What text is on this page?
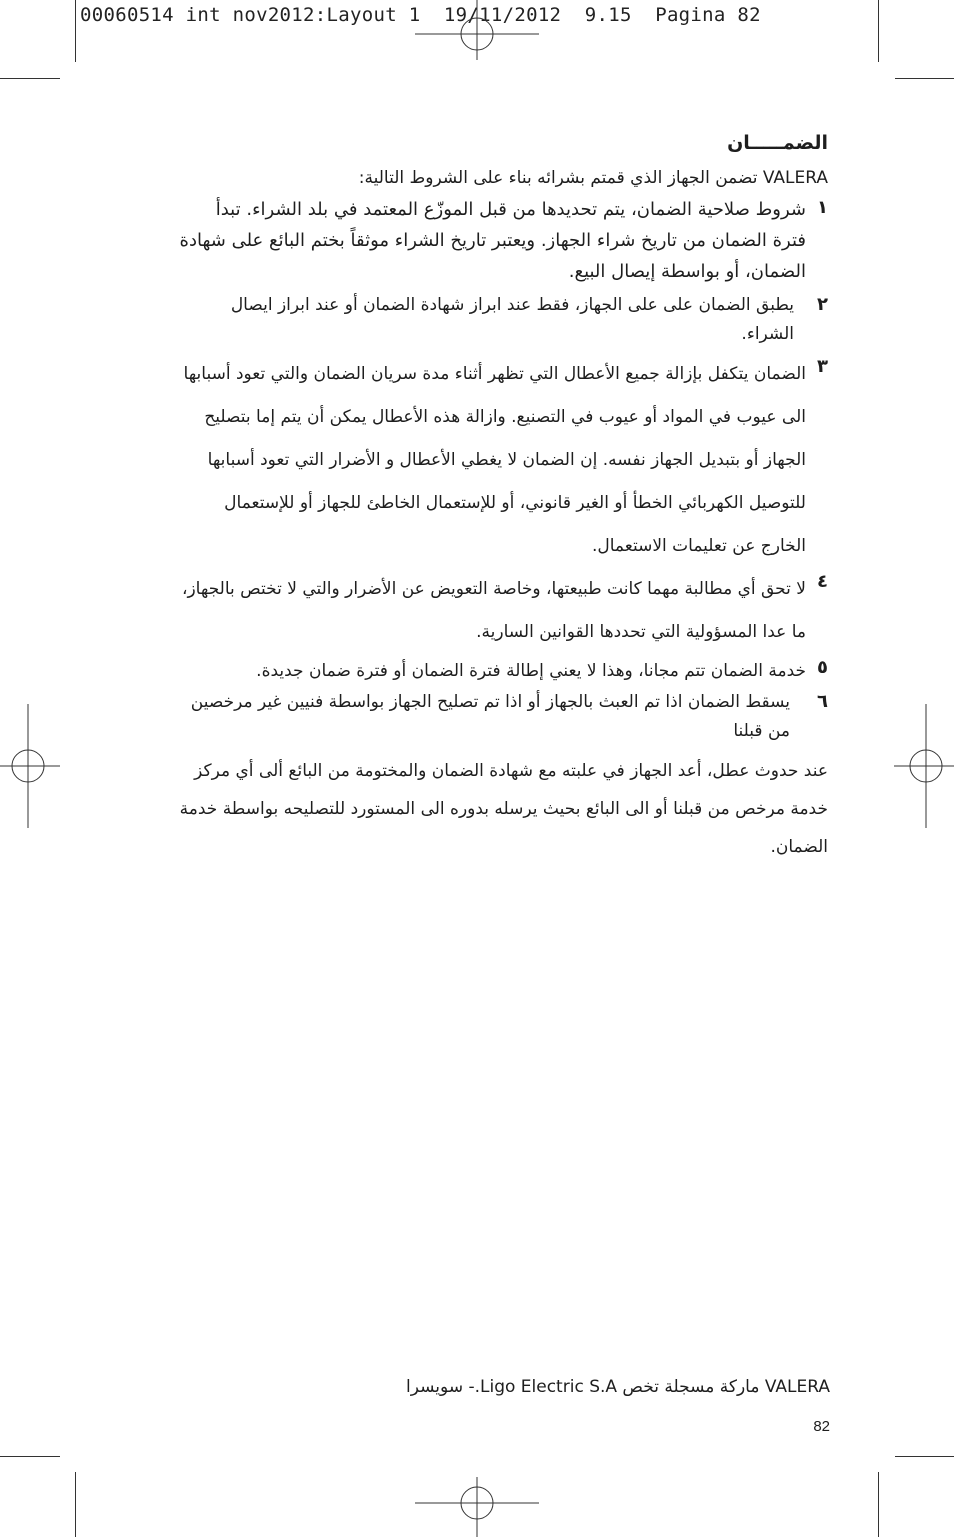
00060514 int nov2012:Layout 1  19/11/2012  9.15  Pagina 82
الضمـــــان
VALERA تضمن الجهاز الذي قمتم بشرائه بناء على الشروط التالية:
١
شروط صلاحية الضمان، يتم تحديدها من قبل الموزّع المعتمد في بلد الشراء. تبدأ فترة الضمان من تاريخ شراء الجهاز. ويعتبر تاريخ الشراء موثقاً بختم البائع على شهادة الضمان، أو بواسطة إيصال البيع.
٢
يطبق الضمان على على الجهاز، فقط عند ابراز شهادة الضمان أو عند ابراز ايصال الشراء.
٣
الضمان يتكفل بإزالة جميع الأعطال التي تظهر أثناء مدة سريان الضمان والتي تعود أسبابها الى عيوب في المواد أو عيوب في التصنيع. وازالة هذه الأعطال يمكن أن يتم إما بتصليح الجهاز أو بتبديل الجهاز نفسه. إن الضمان لا يغطي الأعطال و الأضرار التي تعود أسبابها للتوصيل الكهربائي الخطأ أو الغير قانوني، أو للإستعمال الخاطئ للجهاز أو للإستعمال الخارج عن تعليمات الاستعمال.
٤
لا تحق أي مطالبة مهما كانت طبيعتها، وخاصة التعويض عن الأضرار والتي لا تختص بالجهاز، ما عدا المسؤولية التي تحددها القوانين السارية.
٥
خدمة الضمان تتم مجانا، وهذا لا يعني إطالة فترة الضمان أو فترة ضمان جديدة.
٦
يسقط الضمان اذا تم العبث بالجهاز أو اذا تم تصليح الجهاز بواسطة فنيين غير مرخصين من قبلنا
عند حدوث عطل، أعد الجهاز في علبته مع شهادة الضمان والمختومة من البائع ألى أي مركز خدمة مرخص من قبلنا أو الى البائع بحيث يرسله بدوره الى المستورد للتصليحه بواسطة خدمة الضمان.
VALERA ماركة مسجلة تخص Ligo Electric S.A.- سويسرا
82
